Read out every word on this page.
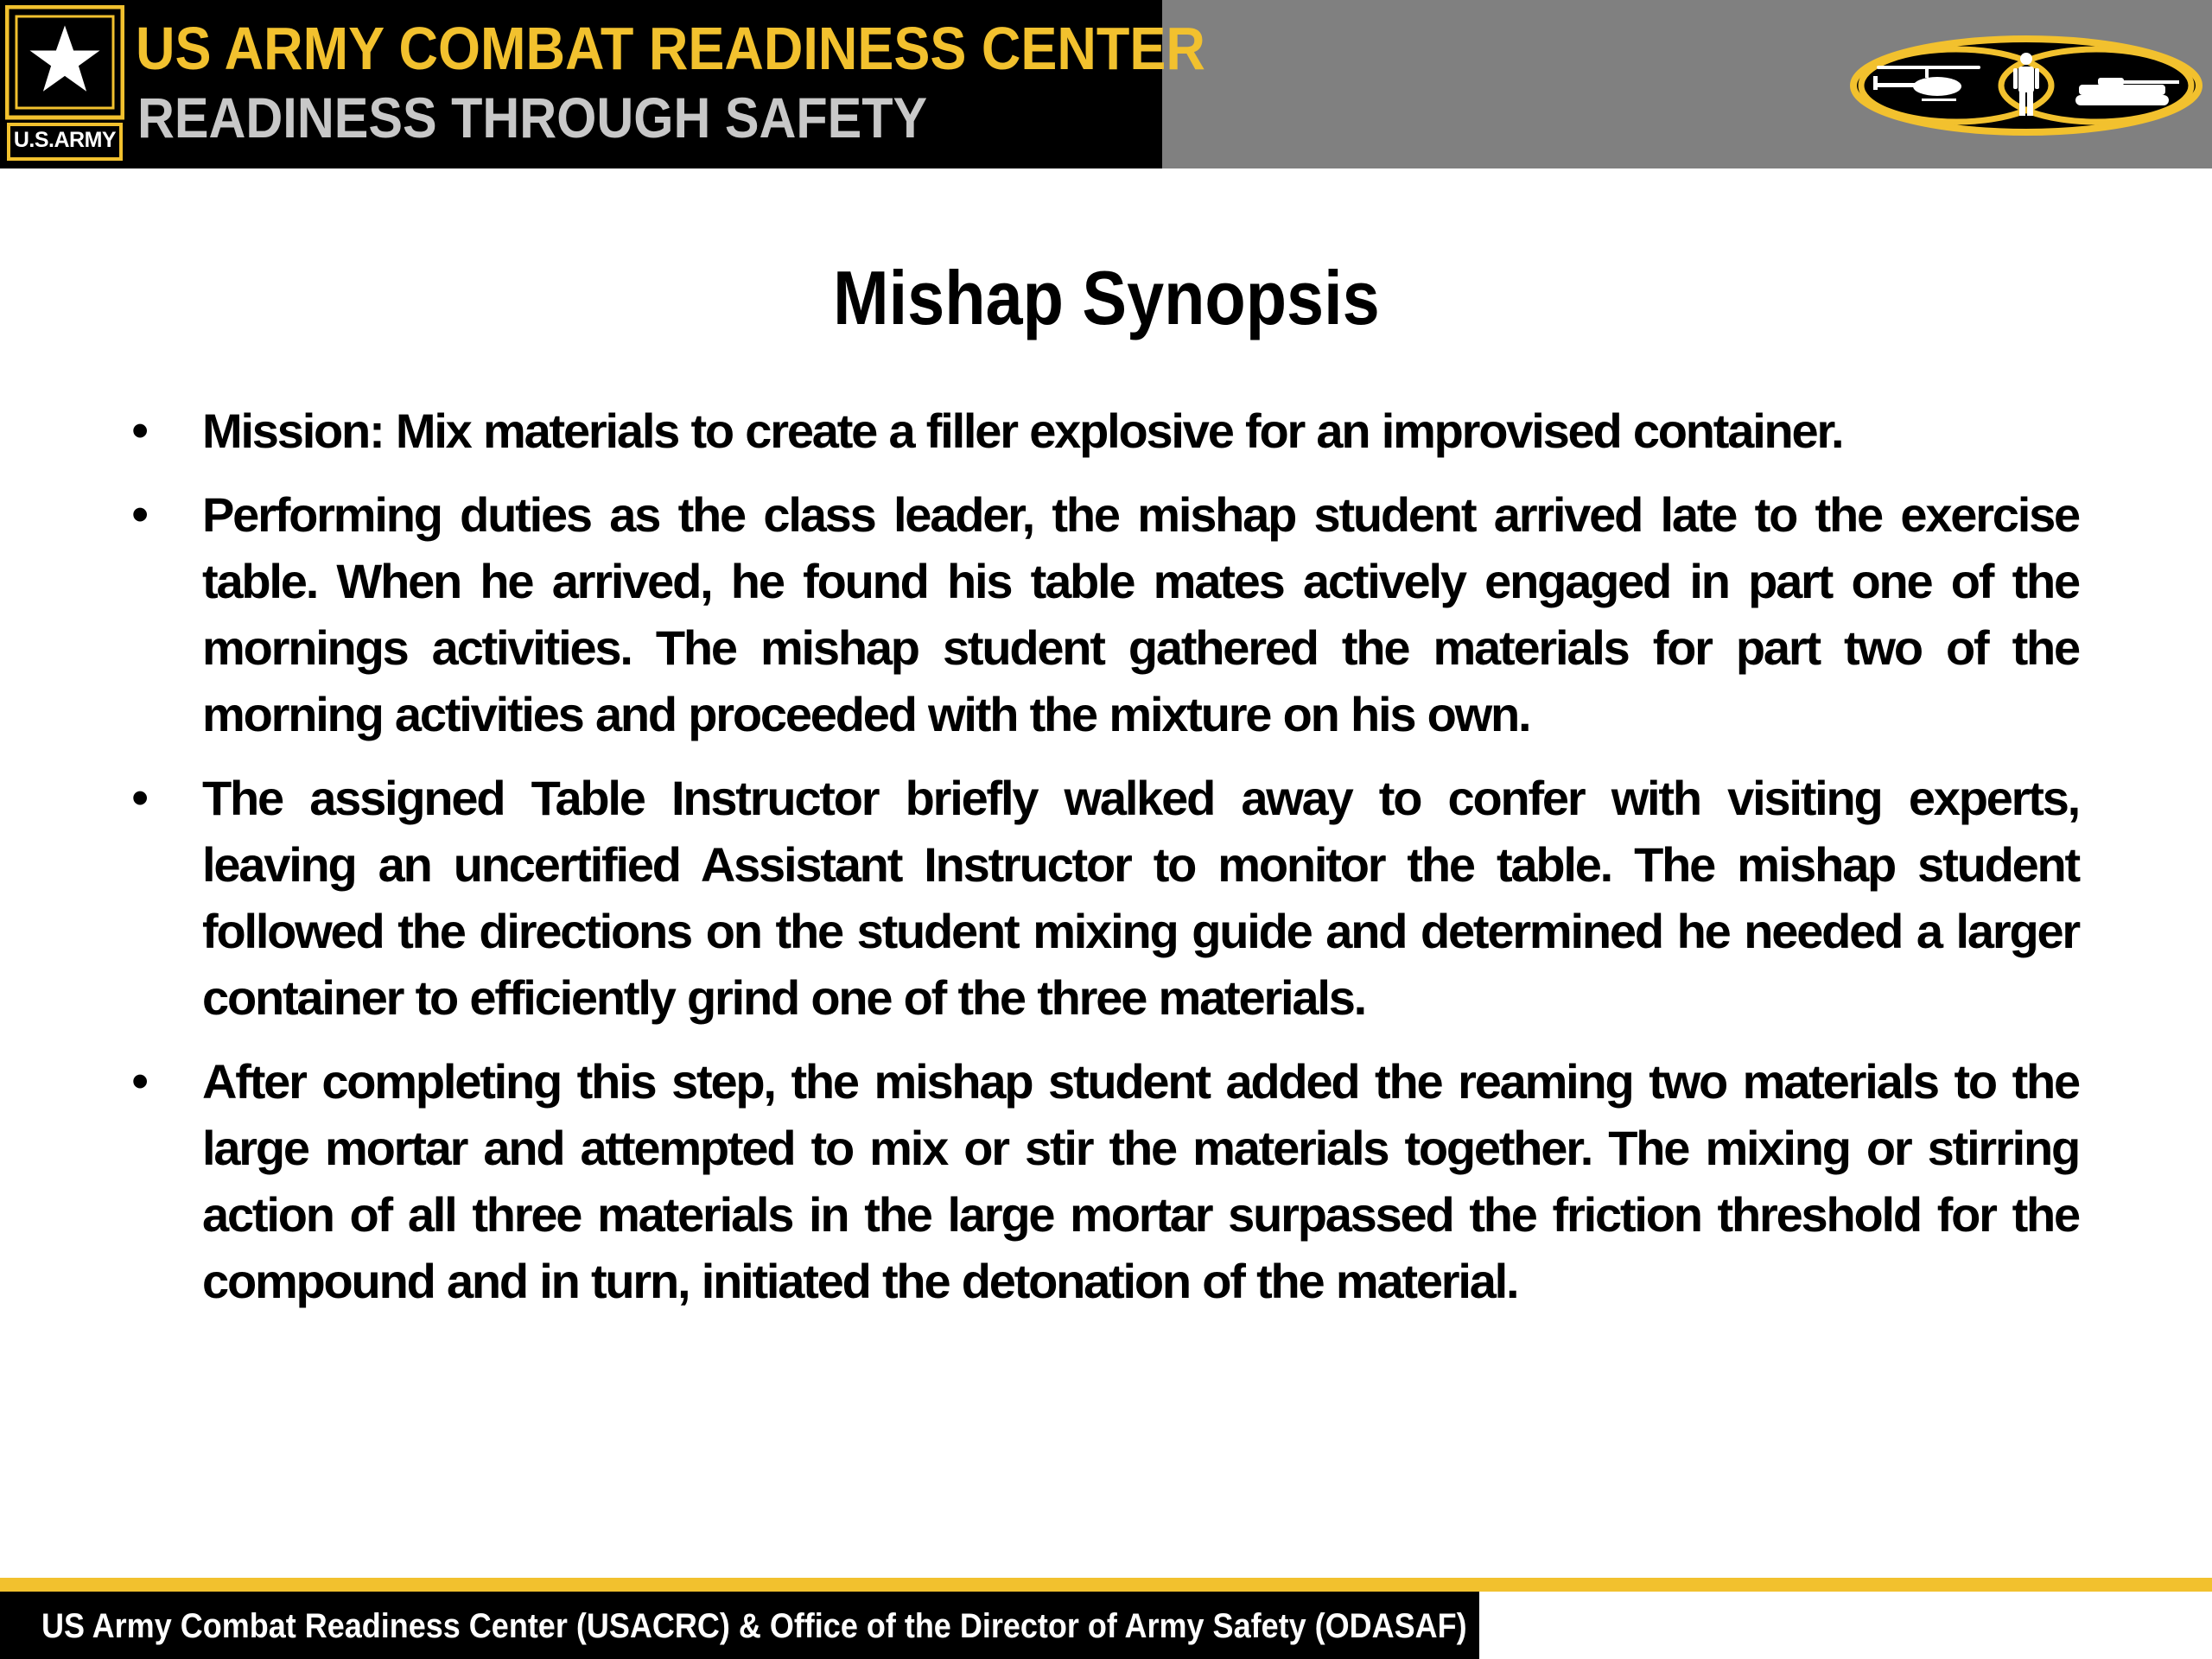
U.S.ARMY
US ARMY COMBAT READINESS CENTER
READINESS THROUGH SAFETY
Mishap Synopsis
• Mission: Mix materials to create a filler explosive for an improvised container.
• Performing duties as the class leader, the mishap student arrived late to the exercise table. When he arrived, he found his table mates actively engaged in part one of the mornings activities. The mishap student gathered the materials for part two of the morning activities and proceeded with the mixture on his own.
• The assigned Table Instructor briefly walked away to confer with visiting experts, leaving an uncertified Assistant Instructor to monitor the table. The mishap student followed the directions on the student mixing guide and determined he needed a larger container to efficiently grind one of the three materials.
• After completing this step, the mishap student added the reaming two materials to the large mortar and attempted to mix or stir the materials together. The mixing or stirring action of all three materials in the large mortar surpassed the friction threshold for the compound and in turn, initiated the detonation of the material.
US Army Combat Readiness Center (USACRC) & Office of the Director of Army Safety (ODASAF)
